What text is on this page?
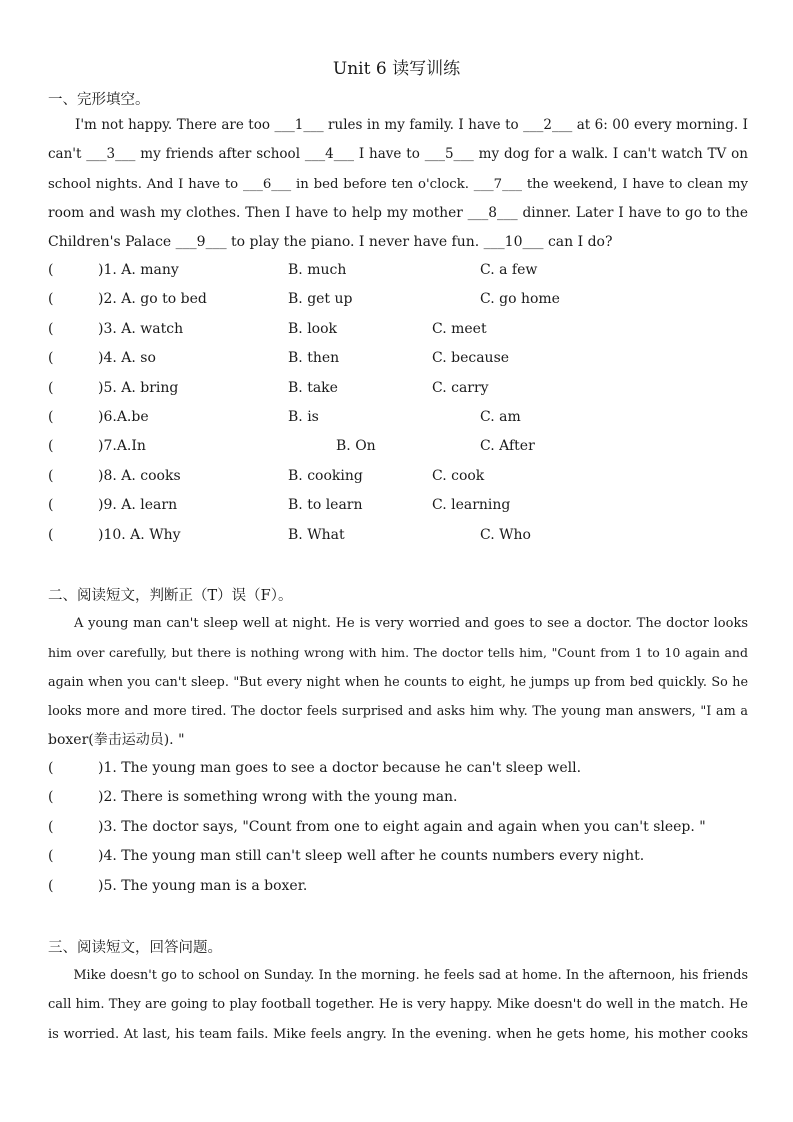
Unit 6 读写训练
一、完形填空。
I'm not happy. There are too ___1___ rules in my family. I have to ___2___ at 6: 00 every morning. I
can't ___3___ my friends after school ___4___ I have to ___5___ my dog for a walk. I can't watch TV on
school nights. And I have to ___6___ in bed before ten o'clock. ___7___ the weekend, I have to clean my
room and wash my clothes. Then I have to help my mother ___8___ dinner. Later I have to go to the
Children's Palace ___9___ to play the piano. I never have fun. ___10___ can I do?
(	)1. A. many	B. much	C. a few
(	)2. A. go to bed	B. get up	C. go home
(	)3. A. watch	B. look	C. meet
(	)4. A. so	B. then	C. because
(	)5. A. bring	B. take	C. carry
(	)6.A.be	B. is	C. am
(	)7.A.In	B. On	C. After
(	)8. A. cooks	B. cooking	C. cook
(	)9. A. learn	B. to learn	C. learning
(	)10. A. Why	B. What	C. Who
二、阅读短文，判断正（T）误（F）。
A young man can't sleep well at night. He is very worried and goes to see a doctor. The doctor looks
him over carefully, but there is nothing wrong with him. The doctor tells him, "Count from 1 to 10 again and
again when you can't sleep. "But every night when he counts to eight, he jumps up from bed quickly. So he
looks more and more tired. The doctor feels surprised and asks him why. The young man answers, "I am a
boxer(拳击运动员). "
(	)1. The young man goes to see a doctor because he can't sleep well.
(	)2. There is something wrong with the young man.
(	)3. The doctor says, "Count from one to eight again and again when you can't sleep. "
(	)4. The young man still can't sleep well after he counts numbers every night.
(	)5. The young man is a boxer.
三、阅读短文，回答问题。
Mike doesn't go to school on Sunday. In the morning. he feels sad at home. In the afternoon, his friends
call him. They are going to play football together. He is very happy. Mike doesn't do well in the match. He
is worried. At last, his team fails. Mike feels angry. In the evening. when he gets home, his mother cooks
